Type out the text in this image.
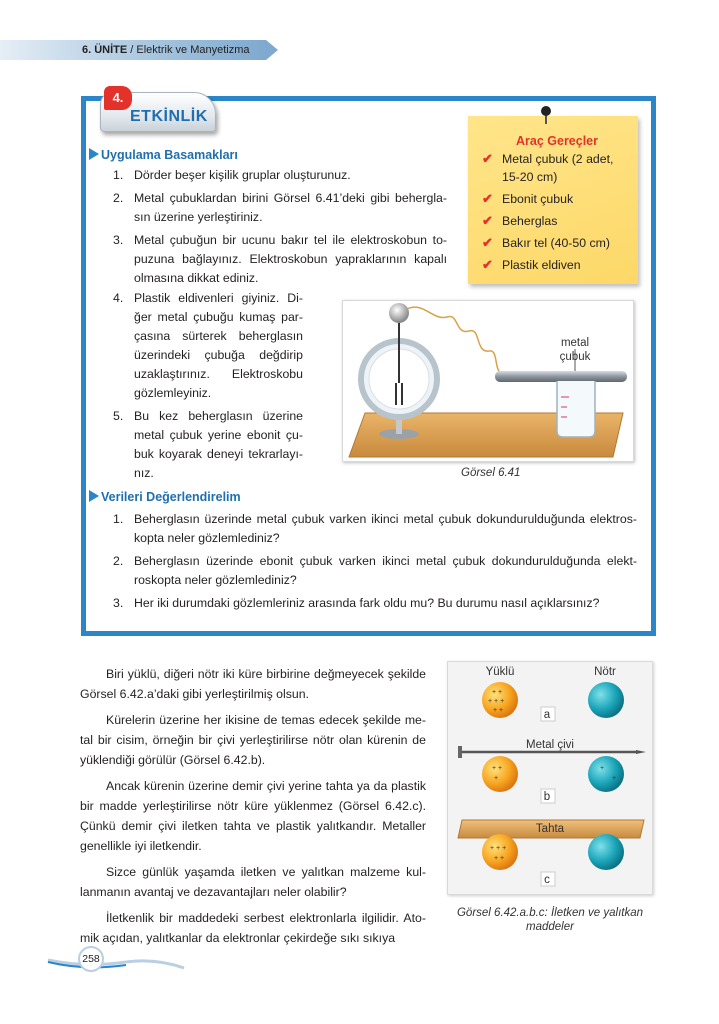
6. ÜNİTE / Elektrik ve Manyetizma
4.
ETKİNLİK
Uygulama Basamakları
1. Dörder beşer kişilik gruplar oluşturunuz.
2. Metal çubuklardan birini Görsel 6.41’deki gibi behergla- sın üzerine yerleştiriniz.
3. Metal çubuğun bir ucunu bakır tel ile elektroskobun to- puzuna bağlayınız. Elektroskobun yapraklarının kapalı olmasına dikkat ediniz.
4. Plastik eldivenleri giyiniz. Di- ğer metal çubuğu kumaş par- çasına sürterek beherglasın üzerindeki çubuğa değdirip uzaklaştırınız. Elektroskobu gözlemleyiniz.
5. Bu kez beherglasın üzerine metal çubuk yerine ebonit çu- buk koyarak deneyi tekrarlayı- nız.
Araç Gereçler
✔ Metal çubuk (2 adet, 15-20 cm)
✔ Ebonit çubuk
✔ Beherglas
✔ Bakır tel (40-50 cm)
✔ Plastik eldiven
metal
çubuk
Görsel 6.41
Verileri Değerlendirelim
1. Beherglasın üzerinde metal çubuk varken ikinci metal çubuk dokundurulduğunda elektros- kopta neler gözlemlediniz?
2. Beherglasın üzerinde ebonit çubuk varken ikinci metal çubuk dokundurulduğunda elekt- roskopta neler gözlemlediniz?
3. Her iki durumdaki gözlemleriniz arasında fark oldu mu? Bu durumu nasıl açıklarsınız?

Biri yüklü, diğeri nötr iki küre birbirine değmeyecek şekilde Görsel 6.42.a’daki gibi yerleştirilmiş olsun.

Kürelerin üzerine her ikisine de temas edecek şekilde me- tal bir cisim, örneğin bir çivi yerleştirilirse nötr olan kürenin de yüklendiği görülür (Görsel 6.42.b).

Ancak kürenin üzerine demir çivi yerine tahta ya da plastik bir madde yerleştirilirse nötr küre yüklenmez (Görsel 6.42.c). Çünkü demir çivi iletken tahta ve plastik yalıtkandır. Metaller genellikle iyi iletkendir.

Sizce günlük yaşamda iletken ve yalıtkan malzeme kul- lanmanın avantaj ve dezavantajları neler olabilir?

İletkenlik bir maddedeki serbest elektronlarla ilgilidir. Ato- mik açıdan, yalıtkanlar da elektronlar çekirdeğe sıkı sıkıya

+ +
+ + +
+ +
+ +
+
+
+
+ + +
+ +
Yüklü	Nötr
a
Metal çivi
b
Tahta
c
Görsel 6.42.a.b.c: İletken ve yalıtkan maddeler
258
